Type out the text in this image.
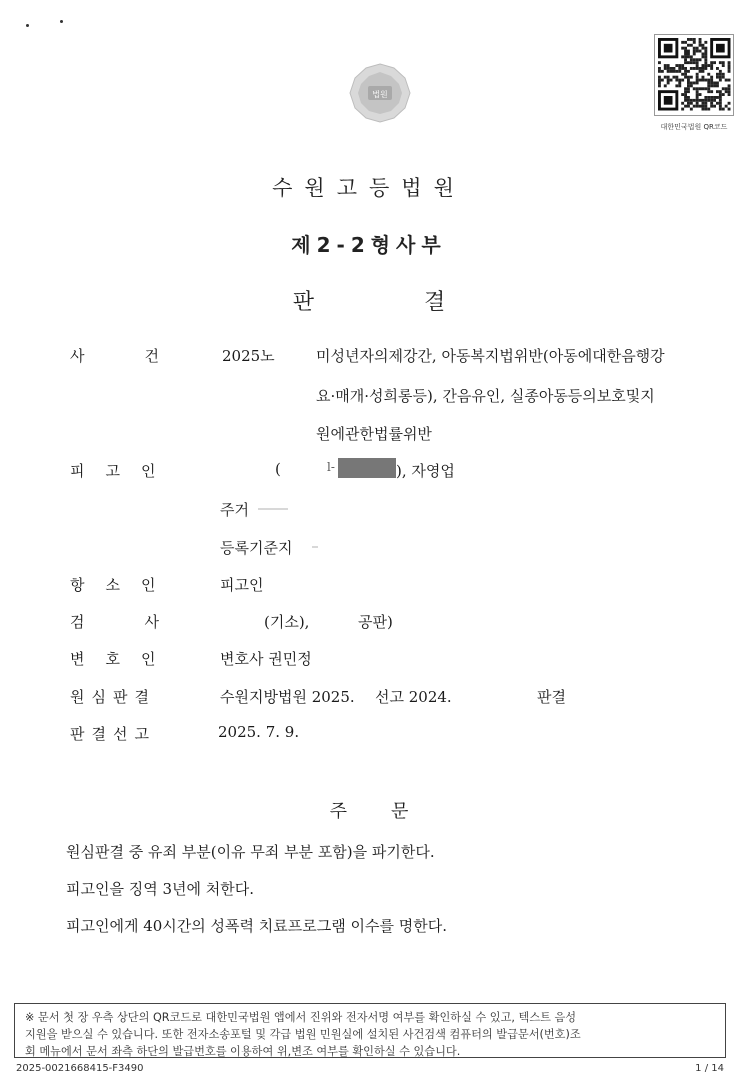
법원
대한민국법원 QR코드
수원고등법원
제2-2형사부
판	결
사건 2025노	미성년자의제강간, 아동복지법위반(아동에대한음행강
요·매개·성희롱등), 간음유인, 실종아동등의보호및지
원에관한법률위반
피고인	(	l-	), 자영업
주거
등록기준지
항소인	피고인
검사	(기소),	공판)
변호인	변호사 권민정
원심판결	수원지방법원 2025. 선고 2024.	판결
판결선고	2025. 7. 9.
주문
원심판결 중 유죄 부분(이유 무죄 부분 포함)을 파기한다.
피고인을 징역 3년에 처한다.
피고인에게 40시간의 성폭력 치료프로그램 이수를 명한다.
※ 문서 첫 장 우측 상단의 QR코드로 대한민국법원 앱에서 진위와 전자서명 여부를 확인하실 수 있고, 텍스트 음성
지원을 받으실 수 있습니다. 또한 전자소송포털 및 각급 법원 민원실에 설치된 사건검색 컴퓨터의 발급문서(번호)조
회 메뉴에서 문서 좌측 하단의 발급번호를 이용하여 위,변조 여부를 확인하실 수 있습니다.
2025-0021668415-F3490	1 / 14
